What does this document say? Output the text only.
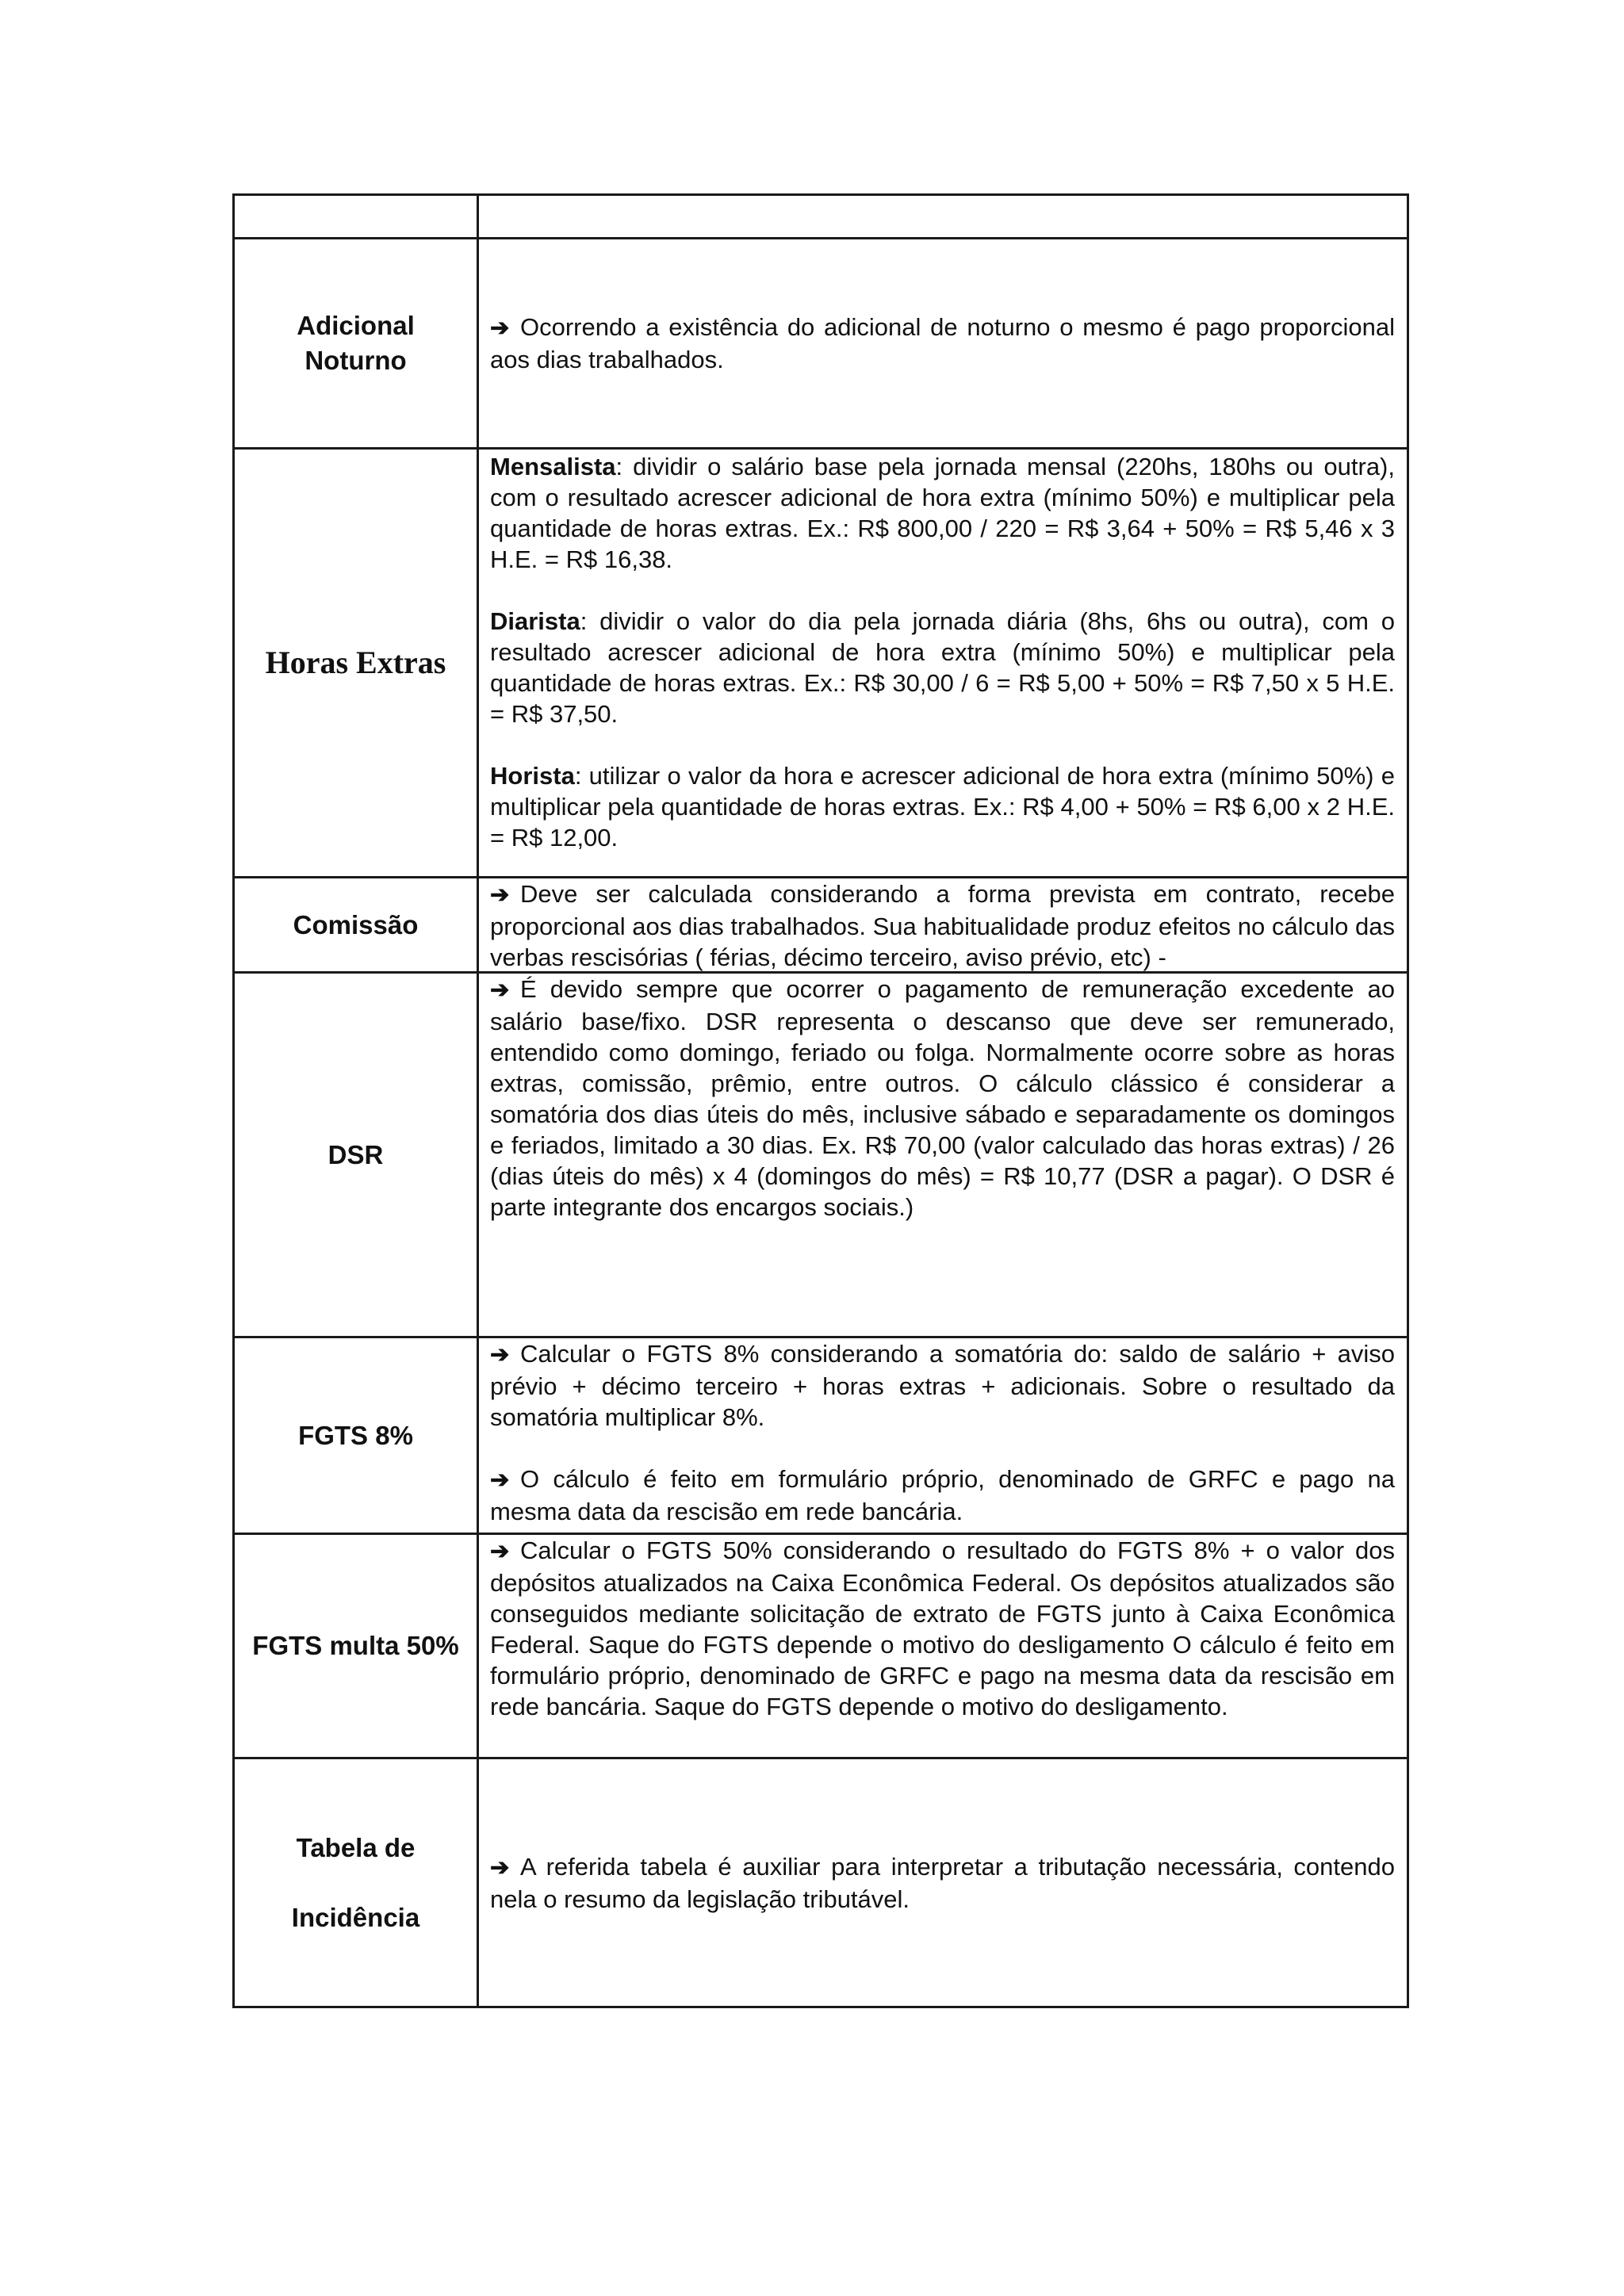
Adicional
Noturno	➔ Ocorrendo a existência do adicional de noturno o mesmo é pago proporcional aos dias trabalhados.

Horas Extras	Mensalista: dividir o salário base pela jornada mensal (220hs, 180hs ou outra), com o resultado acrescer adicional de hora extra (mínimo 50%) e multiplicar pela quantidade de horas extras. Ex.: R$ 800,00 / 220 = R$ 3,64 + 50% = R$ 5,46 x 3 H.E. = R$ 16,38.

Diarista: dividir o valor do dia pela jornada diária (8hs, 6hs ou outra), com o resultado acrescer adicional de hora extra (mínimo 50%) e multiplicar pela quantidade de horas extras. Ex.: R$ 30,00 / 6 = R$ 5,00 + 50% = R$ 7,50 x 5 H.E. = R$ 37,50.

Horista: utilizar o valor da hora e acrescer adicional de hora extra (mínimo 50%) e multiplicar pela quantidade de horas extras. Ex.: R$ 4,00 + 50% = R$ 6,00 x 2 H.E. = R$ 12,00.

Comissão	➔ Deve ser calculada considerando a forma prevista em contrato, recebe proporcional aos dias trabalhados. Sua habitualidade produz efeitos no cálculo das verbas rescisórias ( férias, décimo terceiro, aviso prévio, etc) -

DSR	➔ É devido sempre que ocorrer o pagamento de remuneração excedente ao salário base/fixo. DSR representa o descanso que deve ser remunerado, entendido como domingo, feriado ou folga. Normalmente ocorre sobre as horas extras, comissão, prêmio, entre outros. O cálculo clássico é considerar a somatória dos dias úteis do mês, inclusive sábado e separadamente os domingos e feriados, limitado a 30 dias. Ex. R$ 70,00 (valor calculado das horas extras) / 26 (dias úteis do mês) x 4 (domingos do mês) = R$ 10,77 (DSR a pagar). O DSR é parte integrante dos encargos sociais.)

FGTS 8%	➔ Calcular o FGTS 8% considerando a somatória do: saldo de salário + aviso prévio + décimo terceiro + horas extras + adicionais. Sobre o resultado da somatória multiplicar 8%.

➔ O cálculo é feito em formulário próprio, denominado de GRFC e pago na mesma data da rescisão em rede bancária.

FGTS multa 50%	➔ Calcular o FGTS 50% considerando o resultado do FGTS 8% + o valor dos depósitos atualizados na Caixa Econômica Federal. Os depósitos atualizados são conseguidos mediante solicitação de extrato de FGTS junto à Caixa Econômica Federal. Saque do FGTS depende o motivo do desligamento O cálculo é feito em formulário próprio, denominado de GRFC e pago na mesma data da rescisão em rede bancária. Saque do FGTS depende o motivo do desligamento.

Tabela de
Incidência	➔ A referida tabela é auxiliar para interpretar a tributação necessária, contendo nela o resumo da legislação tributável.
